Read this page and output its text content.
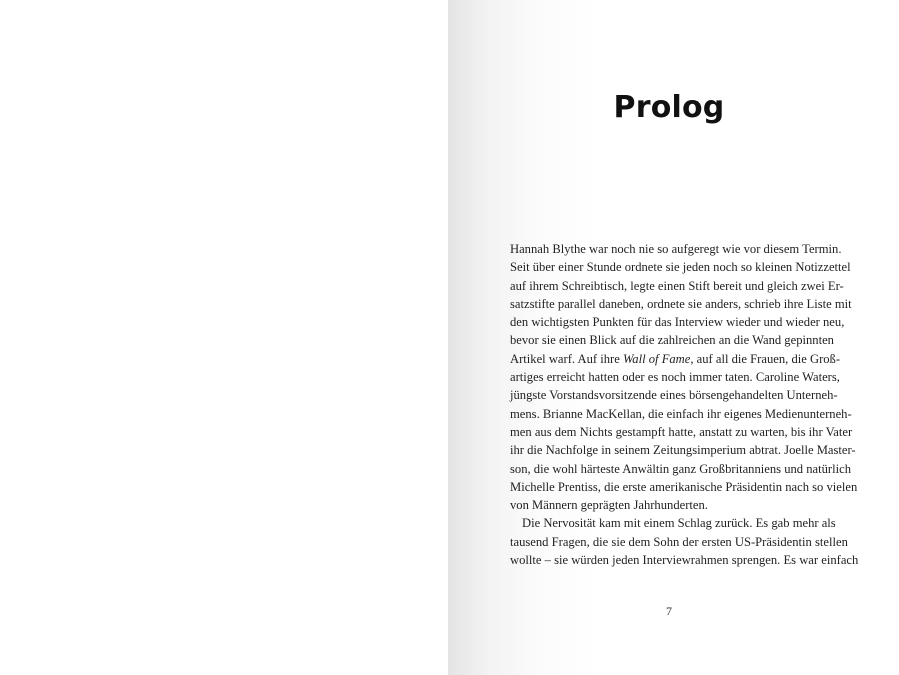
Prolog
Hannah Blythe war noch nie so aufgeregt wie vor diesem Termin.
Seit über einer Stunde ordnete sie jeden noch so kleinen Notizzettel
auf ihrem Schreibtisch, legte einen Stift bereit und gleich zwei Er-
satzstifte parallel daneben, ordnete sie anders, schrieb ihre Liste mit
den wichtigsten Punkten für das Interview wieder und wieder neu,
bevor sie einen Blick auf die zahlreichen an die Wand gepinnten
Artikel warf. Auf ihre Wall of Fame, auf all die Frauen, die Groß-
artiges erreicht hatten oder es noch immer taten. Caroline Waters,
jüngste Vorstandsvorsitzende eines börsengehandelten Unterneh-
mens. Brianne MacKellan, die einfach ihr eigenes Medienunterneh-
men aus dem Nichts gestampft hatte, anstatt zu warten, bis ihr Vater
ihr die Nachfolge in seinem Zeitungsimperium abtrat. Joelle Master-
son, die wohl härteste Anwältin ganz Großbritanniens und natürlich
Michelle Prentiss, die erste amerikanische Präsidentin nach so vielen
von Männern geprägten Jahrhunderten.
Die Nervosität kam mit einem Schlag zurück. Es gab mehr als
tausend Fragen, die sie dem Sohn der ersten US-Präsidentin stellen
wollte – sie würden jeden Interviewrahmen sprengen. Es war einfach
7
